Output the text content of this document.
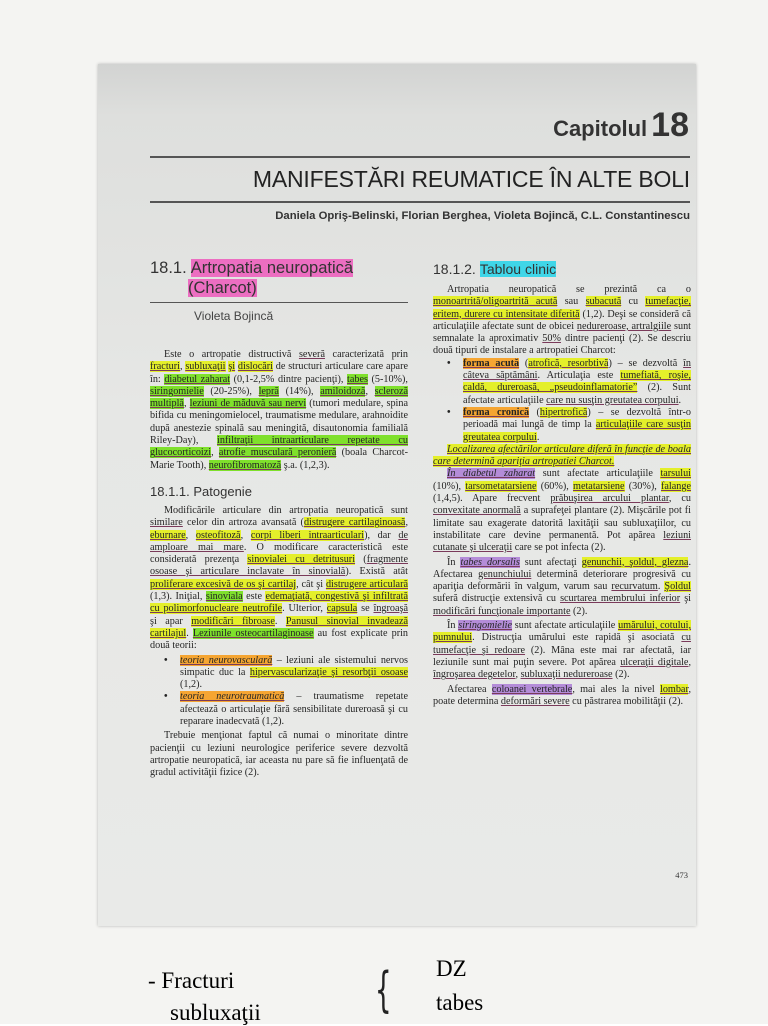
Capitolul 18
MANIFESTĂRI REUMATICE ÎN ALTE BOLI
Daniela Opriş-Belinski, Florian Berghea, Violeta Bojincă, C.L. Constantinescu
18.1. Artropatia neuropatică
(Charcot)
Violeta Bojincă

Este o artropatie distructivă severă caracterizată prin fracturi, subluxaţii şi dislocări de structuri articulare care apare în: diabetul zaharat (0,1-2,5% dintre pacienţi), tabes (5-10%), siringomielie (20-25%), lepră (14%), amiloidoză, scleroză multiplă, leziuni de măduvă sau nervi (tumori medulare, spina bifida cu meningomielocel, traumatisme medulare, arahnoidite după anestezie spinală sau meningită, disautonomia familială Riley-Day), infiltraţii intraarticulare repetate cu glucocorticoizi, atrofie musculară peronieră (boala Charcot-Marie Tooth), neurofibromatoză ş.a. (1,2,3).

18.1.1. Patogenie

Modificările articulare din artropatia neuropatică sunt similare celor din artroza avansată (distrugere cartilaginoasă, eburnare, osteofitoză, corpi liberi intraarticulari), dar de amploare mai mare. O modificare caracteristică este considerată prezenţa sinovialei cu detritusuri (fragmente osoase şi articulare inclavate în sinovială). Există atât proliferare excesivă de os şi cartilaj, cât şi distrugere articulară (1,3). Iniţial, sinoviala este edemaţiată, congestivă şi infiltrată cu polimorfonucleare neutrofile. Ulterior, capsula se îngroaşă şi apar modificări fibroase. Panusul sinovial invadează cartilajul. Leziunile osteocartilaginoase au fost explicate prin două teorii:

• teoria neurovasculară – leziuni ale sistemului nervos simpatic duc la hipervascularizaţie şi resorbţii osoase (1,2).
• teoria neurotraumatică – traumatisme repetate afectează o articulaţie fără sensibilitate dureroasă şi cu reparare inadecvată (1,2).

Trebuie menţionat faptul că numai o minoritate dintre pacienţii cu leziuni neurologice periferice severe dezvoltă artropatie neuropatică, iar aceasta nu pare să fie influenţată de gradul activităţii fizice (2).

18.1.2. Tablou clinic

Artropatia neuropatică se prezintă ca o monoartrită/oligoartrită acută sau subacută cu tumefacţie, eritem, durere cu intensitate diferită (1,2). Deşi se consideră că articulaţiile afectate sunt de obicei nedureroase, artralgiile sunt semnalate la aproximativ 50% dintre pacienţi (2). Se descriu două tipuri de instalare a artropatiei Charcot:

• forma acută (atrofică, resorbtivă) – se dezvoltă în câteva săptămâni. Articulaţia este tumefiată, roşie, caldă, dureroasă, „pseudoinflamatorie” (2). Sunt afectate articulaţiile care nu susţin greutatea corpului.
• forma cronică (hipertrofică) – se dezvoltă într-o perioadă mai lungă de timp la articulaţiile care susţin greutatea corpului.

Localizarea afectărilor articulare diferă în funcţie de boala care determină apariţia artropatiei Charcot.

În diabetul zaharat sunt afectate articulaţiile tarsului (10%), tarsometatarsiene (60%), metatarsiene (30%), falange (1,4,5). Apare frecvent prăbuşirea arcului plantar, cu convexitate anormală a suprafeţei plantare (2). Mişcările pot fi limitate sau exagerate datorită laxităţii sau subluxaţiilor, cu instabilitate care devine permanentă. Pot apărea leziuni cutanate şi ulceraţii care se pot infecta (2).

În tabes dorsalis sunt afectaţi genunchii, şoldul, glezna. Afectarea genunchiului determină deteriorare progresivă cu apariţia deformării în valgum, varum sau recurvatum. Şoldul suferă distrucţie extensivă cu scurtarea membrului inferior şi modificări funcţionale importante (2).

În siringomielie sunt afectate articulaţiile umărului, cotului, pumnului. Distrucţia umărului este rapidă şi asociată cu tumefacţie şi redoare (2). Mâna este mai rar afectată, iar leziunile sunt mai puţin severe. Pot apărea ulceraţii digitale, îngroşarea degetelor, subluxaţii nedureroase (2).

Afectarea coloanei vertebrale, mai ales la nivel lombar, poate determina deformări severe cu păstrarea mobilităţii (2).

473
- Fracturi
subluxaţii { DZ
tabes
